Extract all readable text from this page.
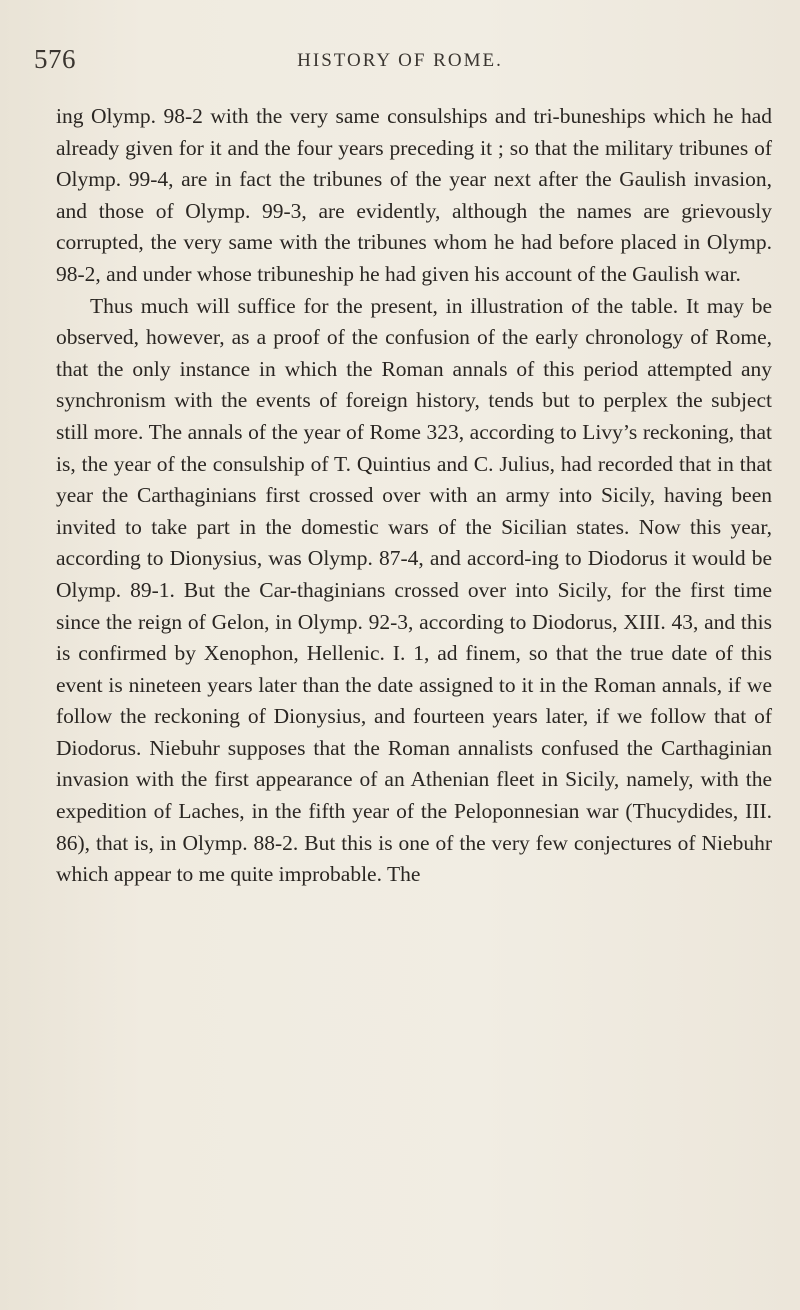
576	HISTORY OF ROME.

ing Olymp. 98-2 with the very same consulships and tri-buneships which he had already given for it and the four years preceding it ; so that the military tribunes of Olymp. 99-4, are in fact the tribunes of the year next after the Gaulish invasion, and those of Olymp. 99-3, are evidently, although the names are grievously corrupted, the very same with the tribunes whom he had before placed in Olymp. 98-2, and under whose tribuneship he had given his account of the Gaulish war.

Thus much will suffice for the present, in illustration of the table. It may be observed, however, as a proof of the confusion of the early chronology of Rome, that the only instance in which the Roman annals of this period attempted any synchronism with the events of foreign history, tends but to perplex the subject still more. The annals of the year of Rome 323, according to Livy’s reckoning, that is, the year of the consulship of T. Quintius and C. Julius, had recorded that in that year the Carthaginians first crossed over with an army into Sicily, having been invited to take part in the domestic wars of the Sicilian states. Now this year, according to Dionysius, was Olymp. 87-4, and accord-ing to Diodorus it would be Olymp. 89-1. But the Car-thaginians crossed over into Sicily, for the first time since the reign of Gelon, in Olymp. 92-3, according to Diodorus, XIII. 43, and this is confirmed by Xenophon, Hellenic. I. 1, ad finem, so that the true date of this event is nineteen years later than the date assigned to it in the Roman annals, if we follow the reckoning of Dionysius, and fourteen years later, if we follow that of Diodorus. Niebuhr supposes that the Roman annalists confused the Carthaginian invasion with the first appearance of an Athenian fleet in Sicily, namely, with the expedition of Laches, in the fifth year of the Peloponnesian war (Thucydides, III. 86), that is, in Olymp. 88-2. But this is one of the very few conjectures of Niebuhr which appear to me quite improbable. The
